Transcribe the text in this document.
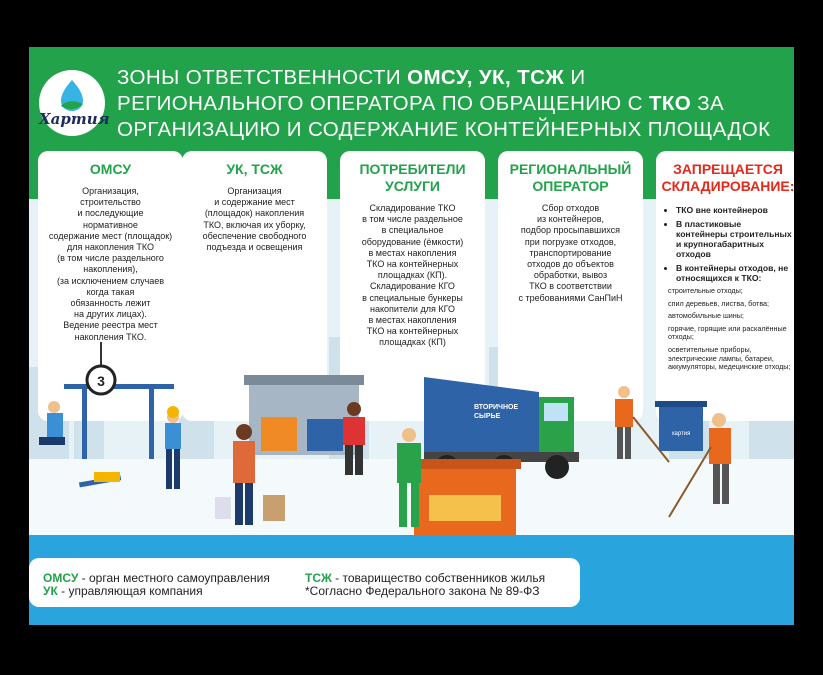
Хартия
ЗОНЫ ОТВЕТСТВЕННОСТИ ОМСУ, УК, ТСЖ И РЕГИОНАЛЬНОГО ОПЕРАТОРА ПО ОБРАЩЕНИЮ С ТКО ЗА ОРГАНИЗАЦИЮ И СОДЕРЖАНИЕ КОНТЕЙНЕРНЫХ ПЛОЩАДОК
ОМСУ

Организация,
строительство
и последующие
нормативное
содержание мест (площадок)
для накопления ТКО
(в том числе раздельного
накопления),
(за исключением случаев
когда такая
обязанность лежит
на других лицах).
Ведение реестра мест
накопления ТКО.

УК, ТСЖ

Организация
и содержание мест
(площадок) накопления
ТКО, включая их уборку,
обеспечение свободного
подъезда и освещения

ПОТРЕБИТЕЛИ УСЛУГИ

Складирование ТКО
в том числе раздельное
в специальное
оборудование (ёмкости)
в местах накопления
ТКО на контейнерных
площадках (КП).
Складирование КГО
в специальные бункеры
накопители для КГО
в местах накопления
ТКО на контейнерных
площадках (КП)

РЕГИОНАЛЬНЫЙ ОПЕРАТОР

Сбор отходов
из контейнеров,
подбор просыпавшихся
при погрузке отходов,
транспортирование
отходов до объектов
обработки, вывоз
ТКО в соответствии
с требованиями СанПиН

ЗАПРЕЩАЕТСЯ СКЛАДИРОВАНИЕ:
• ТКО вне контейнеров
• В пластиковые контейнеры строительных и крупногабаритных отходов
• В контейнеры отходов, не относящихся к ТКО:
строительные отходы;
спил деревьев, листва, ботва;
автомобильные шины;
горячие, горящие или раскалённые отходы;
осветительные приборы, электрические лампы, батареи, аккумуляторы, медецинские отходы;
3
ВТОРИЧНОЕ
СЫРЬЕ
хартия
ОМСУ - орган местного самоуправления
УК - управляющая компания
ТСЖ - товарищество собственников жилья
*Согласно Федерального закона № 89-ФЗ
